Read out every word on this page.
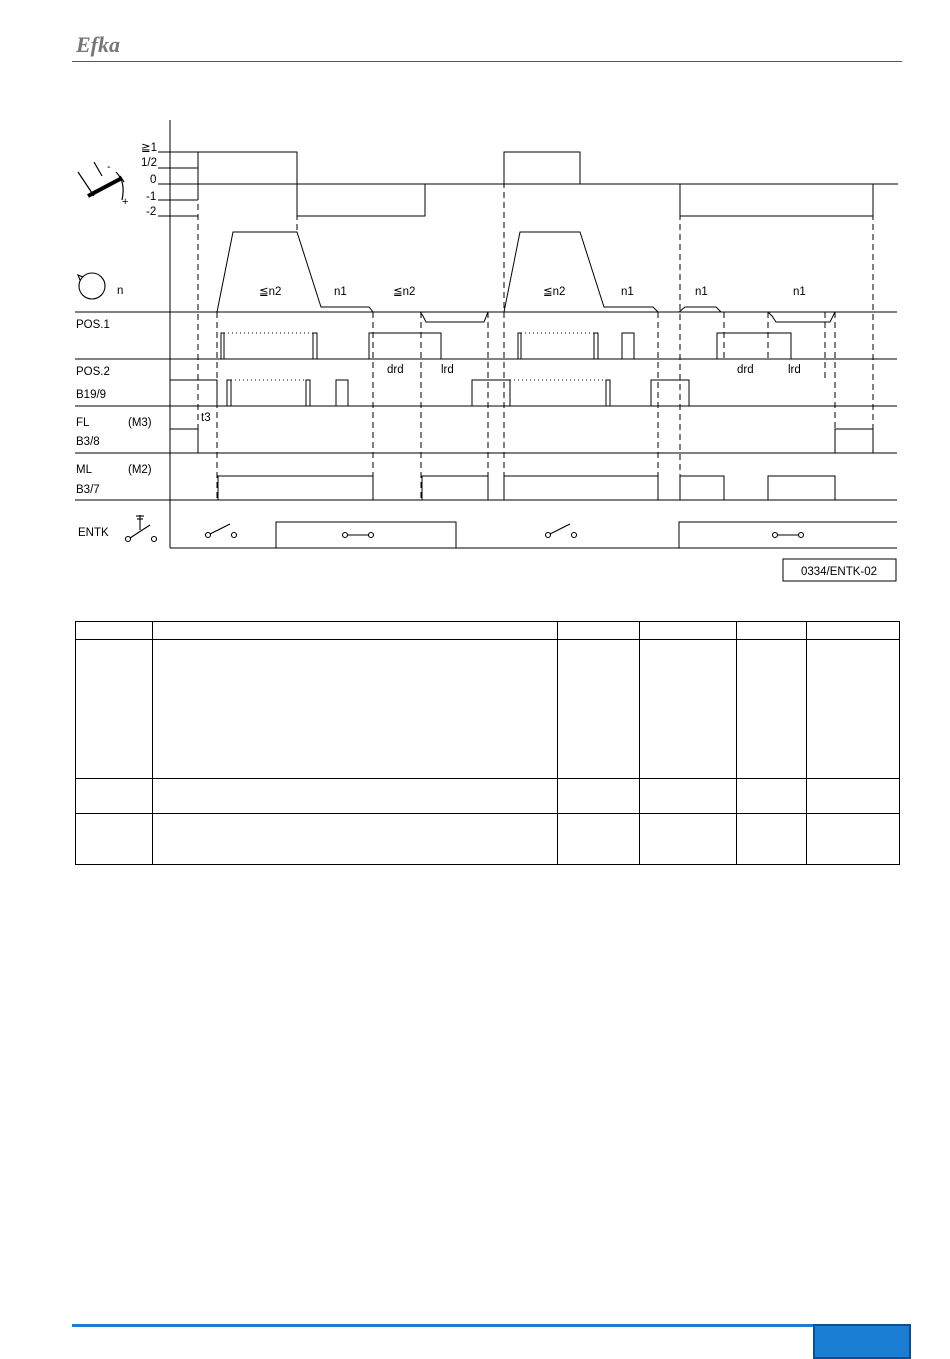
Efka
-
+
≧1
1/2
0
-1
-2
n	≦n2	n1	≦n2	≦n2	n1	n1	n1
POS.1
POS.2
B19/9
FL	(M3)
B3/8
ML	(M2)
B3/7
ENTK
drd	lrd	drd	lrd
t3
0334/ENTK-02
